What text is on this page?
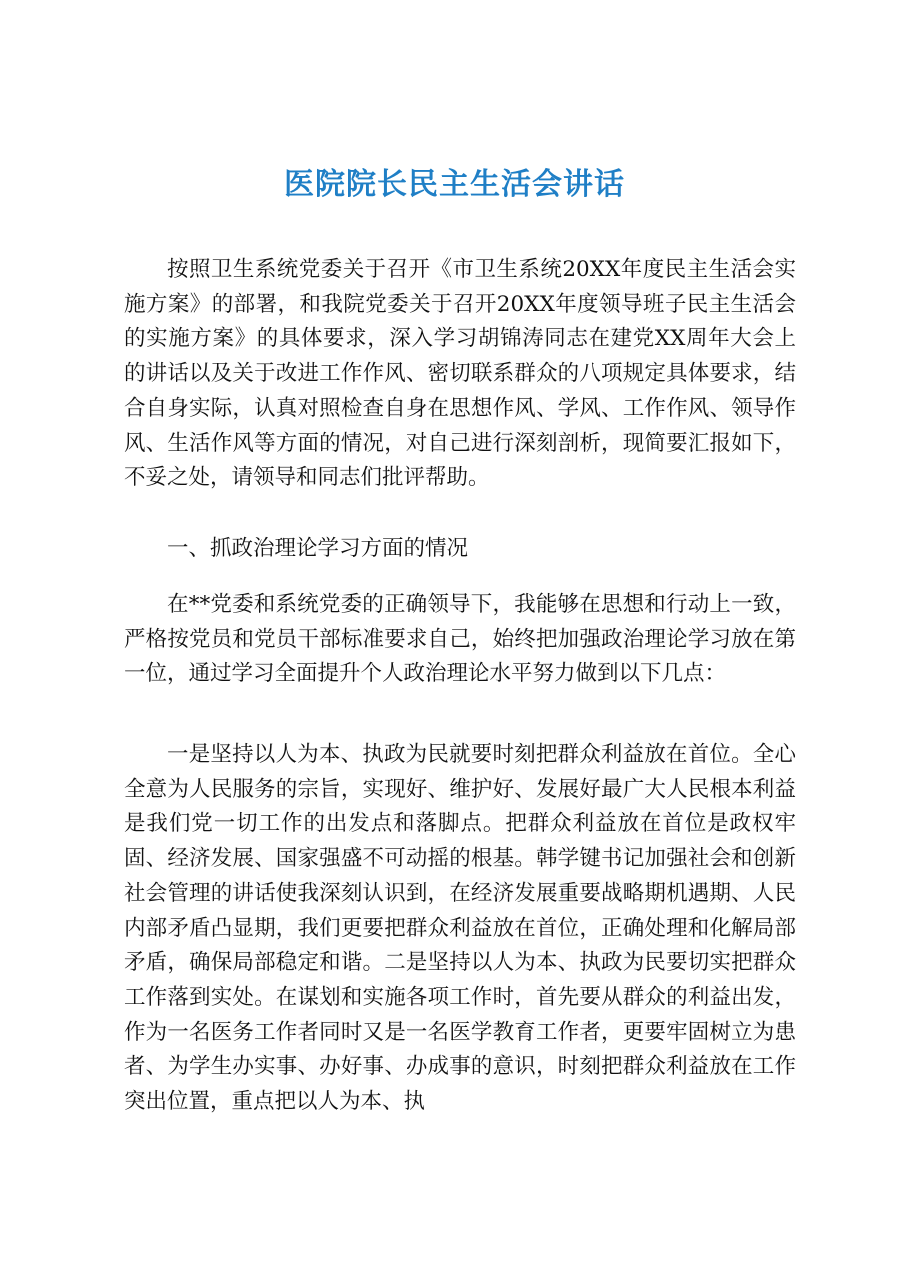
医院院长民主生活会讲话

按照卫生系统党委关于召开《市卫生系统20XX年度民主生活会实施方案》的部署，和我院党委关于召开20XX年度领导班子民主生活会的实施方案》的具体要求，深入学习胡锦涛同志在建党XX周年大会上的讲话以及关于改进工作作风、密切联系群众的八项规定具体要求，结合自身实际，认真对照检查自身在思想作风、学风、工作作风、领导作风、生活作风等方面的情况，对自己进行深刻剖析，现简要汇报如下，不妥之处，请领导和同志们批评帮助。

一、抓政治理论学习方面的情况

在**党委和系统党委的正确领导下，我能够在思想和行动上一致，严格按党员和党员干部标准要求自己，始终把加强政治理论学习放在第一位，通过学习全面提升个人政治理论水平努力做到以下几点：

一是坚持以人为本、执政为民就要时刻把群众利益放在首位。全心全意为人民服务的宗旨，实现好、维护好、发展好最广大人民根本利益是我们党一切工作的出发点和落脚点。把群众利益放在首位是政权牢固、经济发展、国家强盛不可动摇的根基。韩学键书记加强社会和创新社会管理的讲话使我深刻认识到，在经济发展重要战略期机遇期、人民内部矛盾凸显期，我们更要把群众利益放在首位，正确处理和化解局部矛盾，确保局部稳定和谐。二是坚持以人为本、执政为民要切实把群众工作落到实处。在谋划和实施各项工作时，首先要从群众的利益出发，作为一名医务工作者同时又是一名医学教育工作者，更要牢固树立为患者、为学生办实事、办好事、办成事的意识，时刻把群众利益放在工作突出位置，重点把以人为本、执
